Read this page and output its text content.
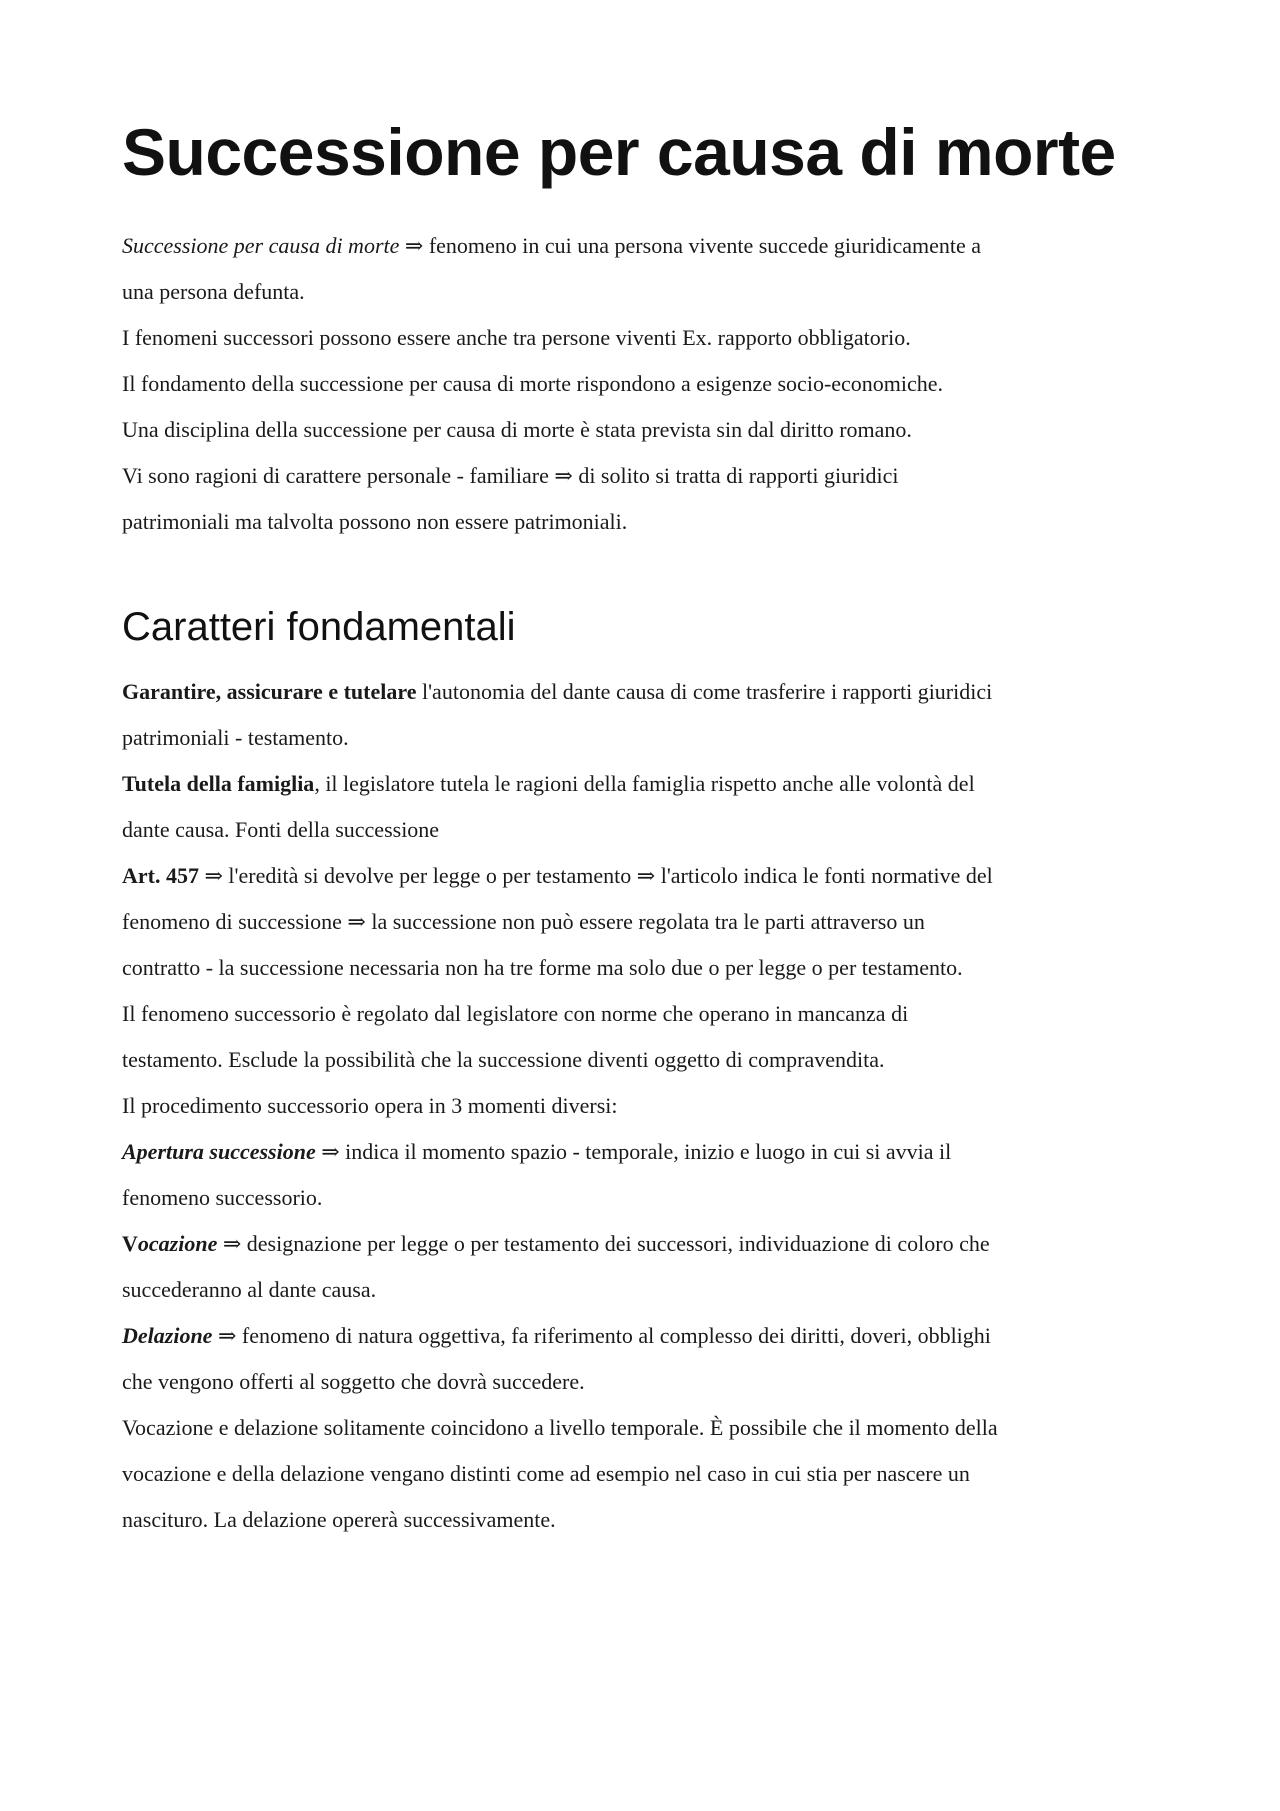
Successione per causa di morte
Successione per causa di morte ⇒ fenomeno in cui una persona vivente succede giuridicamente a
una persona defunta.
I fenomeni successori possono essere anche tra persone viventi Ex. rapporto obbligatorio.
Il fondamento della successione per causa di morte rispondono a esigenze socio-economiche.
Una disciplina della successione per causa di morte è stata prevista sin dal diritto romano.
Vi sono ragioni di carattere personale - familiare ⇒ di solito si tratta di rapporti giuridici
patrimoniali ma talvolta possono non essere patrimoniali.
Caratteri fondamentali
Garantire, assicurare e tutelare l'autonomia del dante causa di come trasferire i rapporti giuridici
patrimoniali - testamento.
Tutela della famiglia, il legislatore tutela le ragioni della famiglia rispetto anche alle volontà del
dante causa. Fonti della successione
Art. 457 ⇒ l'eredità si devolve per legge o per testamento ⇒ l'articolo indica le fonti normative del
fenomeno di successione ⇒ la successione non può essere regolata tra le parti attraverso un
contratto - la successione necessaria non ha tre forme ma solo due o per legge o per testamento.
Il fenomeno successorio è regolato dal legislatore con norme che operano in mancanza di
testamento. Esclude la possibilità che la successione diventi oggetto di compravendita.
Il procedimento successorio opera in 3 momenti diversi:
Apertura successione ⇒ indica il momento spazio - temporale, inizio e luogo in cui si avvia il
fenomeno successorio.
Vocazione ⇒ designazione per legge o per testamento dei successori, individuazione di coloro che
succederanno al dante causa.
Delazione ⇒ fenomeno di natura oggettiva, fa riferimento al complesso dei diritti, doveri, obblighi
che vengono offerti al soggetto che dovrà succedere.
Vocazione e delazione solitamente coincidono a livello temporale. È possibile che il momento della
vocazione e della delazione vengano distinti come ad esempio nel caso in cui stia per nascere un
nascituro. La delazione opererà successivamente.
